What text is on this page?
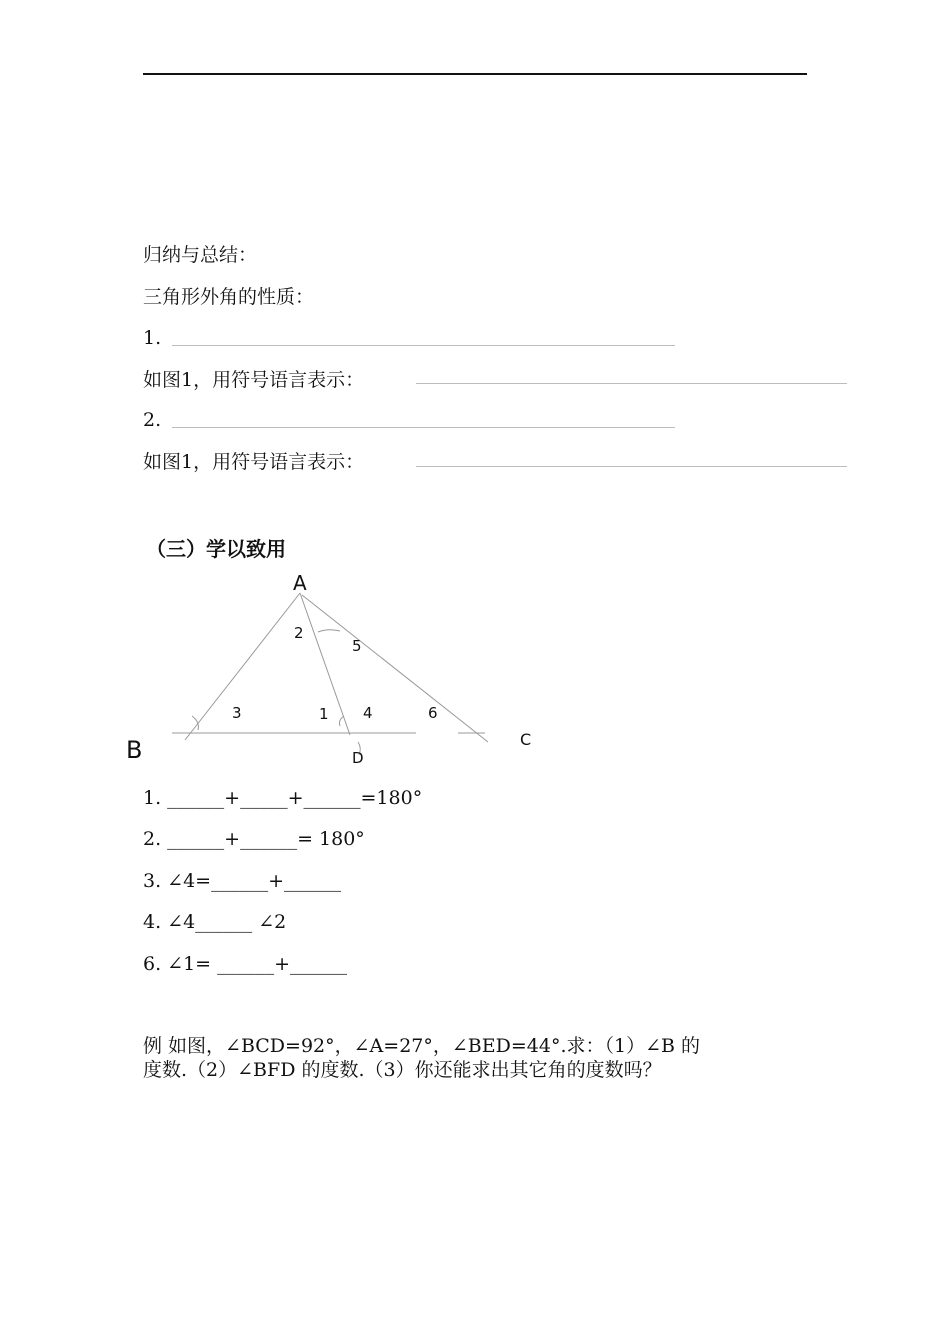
归纳与总结：
三角形外角的性质：
1.
如图1，用符号语言表示：
2.
如图1，用符号语言表示：
（三）学以致用
A
B	C
D
2
5
3	1 4	6
1. ______+_____+______=180°
2. ______+______= 180°
3. ∠4=______+______
4. ∠4______ ∠2
6. ∠1= ______+______
例 如图，∠BCD=92°，∠A=27°，∠BED=44°.求：（1）∠B 的
度数.（2）∠BFD 的度数.（3）你还能求出其它角的度数吗？
